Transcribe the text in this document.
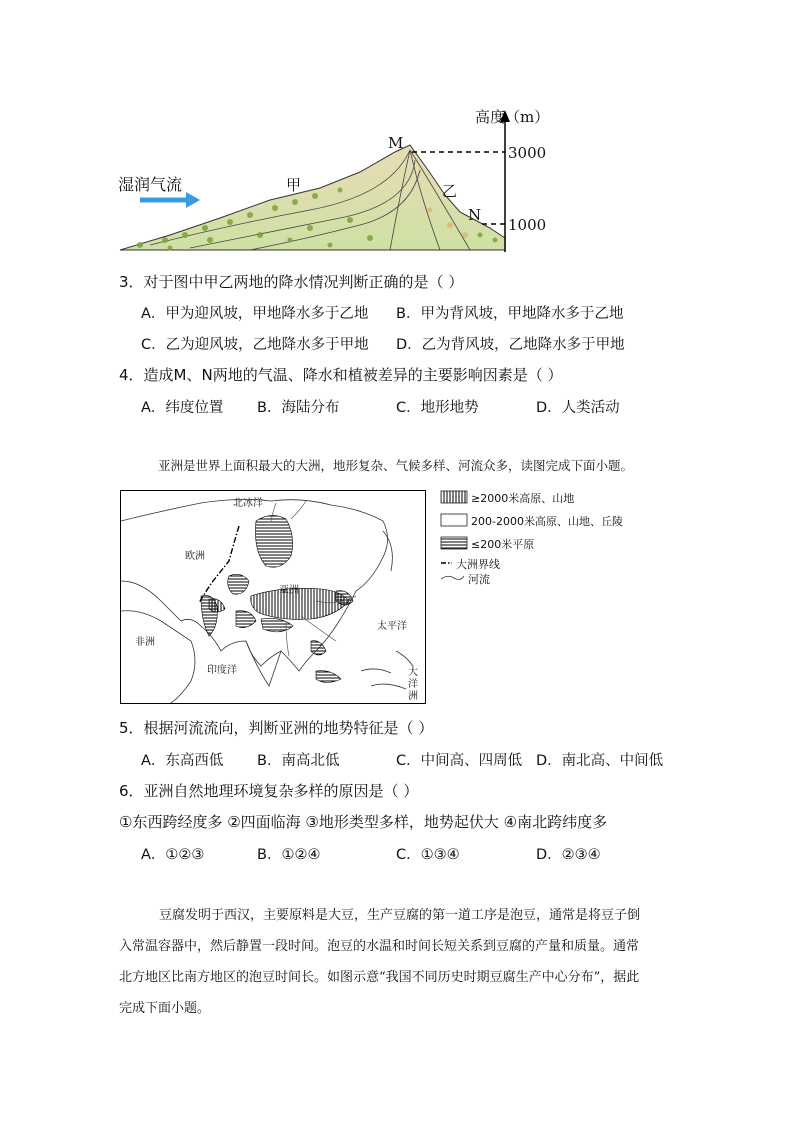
高度（m）
3000
1000
M
N
甲	乙
湿润气流
3．对于图中甲乙两地的降水情况判断正确的是（ ）
A．甲为迎风坡，甲地降水多于乙地 B．甲为背风坡，甲地降水多于乙地
C．乙为迎风坡，乙地降水多于甲地 D．乙为背风坡，乙地降水多于甲地
4．造成M、N两地的气温、降水和植被差异的主要影响因素是（ ）
A．纬度位置 B．海陆分布	C．地形地势	D．人类活动
亚洲是世界上面积最大的大洲，地形复杂、气候多样、河流众多，读图完成下面小题。
北冰洋
欧洲
亚洲
非洲
印度洋
太平洋
大
洋
洲
≥2000米高原、山地
200-2000米高原、山地、丘陵
≤200米平原
大洲界线
河流
5．根据河流流向，判断亚洲的地势特征是（ ）
A．东高西低 B．南高北低	C．中间高、四周低 D．南北高、中间低
6．亚洲自然地理环境复杂多样的原因是（ ）
①东西跨经度多 ②四面临海 ③地形类型多样，地势起伏大 ④南北跨纬度多
A．①②③	B．①②④	C．①③④	D．②③④
豆腐发明于西汉，主要原料是大豆，生产豆腐的第一道工序是泡豆，通常是将豆子倒
入常温容器中，然后静置一段时间。泡豆的水温和时间长短关系到豆腐的产量和质量。通常
北方地区比南方地区的泡豆时间长。如图示意“我国不同历史时期豆腐生产中心分布”，据此
完成下面小题。
